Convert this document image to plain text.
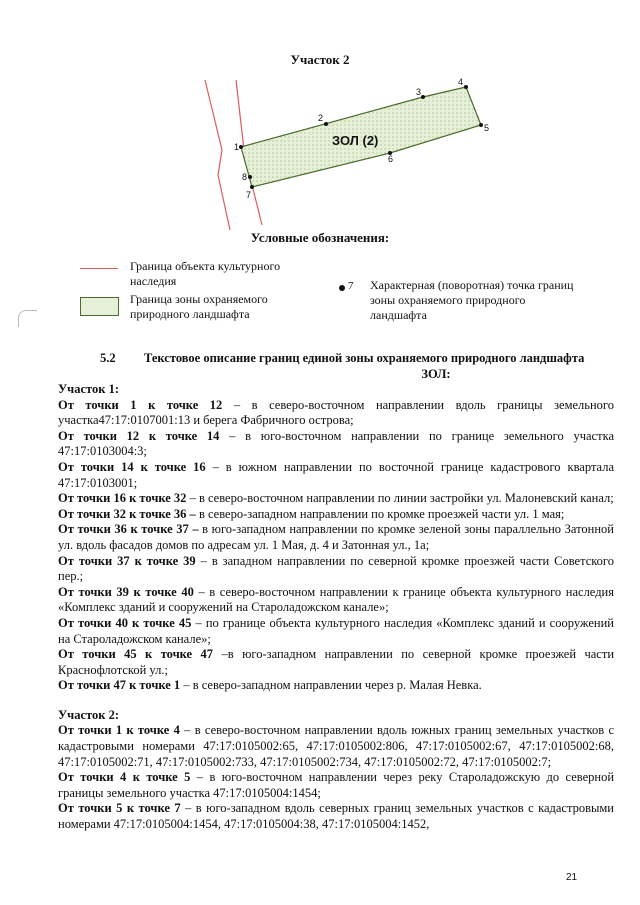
Участок 2
1
2
3
4
5
6
7
8
ЗОЛ (2)
Условные обозначения:
Граница объекта культурного
наследия
Граница зоны охраняемого
природного ландшафта
7 Характерная (поворотная) точка границ
зоны охраняемого природного
ландшафта
5.2 Текстовое описание границ единой зоны охраняемого природного ландшафта
ЗОЛ:

Участок 1:

От точки 1 к точке 12 – в северо-восточном направлении вдоль границы земельного участка47:17:0107001:13 и берега Фабричного острова;

От точки 12 к точке 14 – в юго-восточном направлении по границе земельного участка 47:17:0103004:3;

От точки 14 к точке 16 – в южном направлении по восточной границе кадастрового квартала 47:17:0103001;

От точки 16 к точке 32 – в северо-восточном направлении по линии застройки ул. Малоневский канал;

От точки 32 к точке 36 – в северо-западном направлении по кромке проезжей части ул. 1 мая;

От точки 36 к точке 37 – в юго-западном направлении по кромке зеленой зоны параллельно Затонной ул. вдоль фасадов домов по адресам ул. 1 Мая, д. 4 и Затонная ул., 1а;

От точки 37 к точке 39 – в западном направлении по северной кромке проезжей части Советского пер.;

От точки 39 к точке 40 – в северо-восточном направлении к границе объекта культурного наследия «Комплекс зданий и сооружений на Староладожском канале»;

От точки 40 к точке 45 – по границе объекта культурного наследия «Комплекс зданий и сооружений на Староладожском канале»;

От точки 45 к точке 47 –в юго-западном направлении по северной кромке проезжей части Краснофлотской ул.;

От точки 47 к точке 1 – в северо-западном направлении через р. Малая Невка.

Участок 2:

От точки 1 к точке 4 – в северо-восточном направлении вдоль южных границ земельных участков с кадастровыми номерами 47:17:0105002:65, 47:17:0105002:806, 47:17:0105002:67, 47:17:0105002:68, 47:17:0105002:71, 47:17:0105002:733, 47:17:0105002:734, 47:17:0105002:72, 47:17:0105002:7;

От точки 4 к точке 5 – в юго-восточном направлении через реку Староладожскую до северной границы земельного участка 47:17:0105004:1454;

От точки 5 к точке 7 – в юго-западном вдоль северных границ земельных участков с кадастровыми номерами 47:17:0105004:1454, 47:17:0105004:38, 47:17:0105004:1452,

21
